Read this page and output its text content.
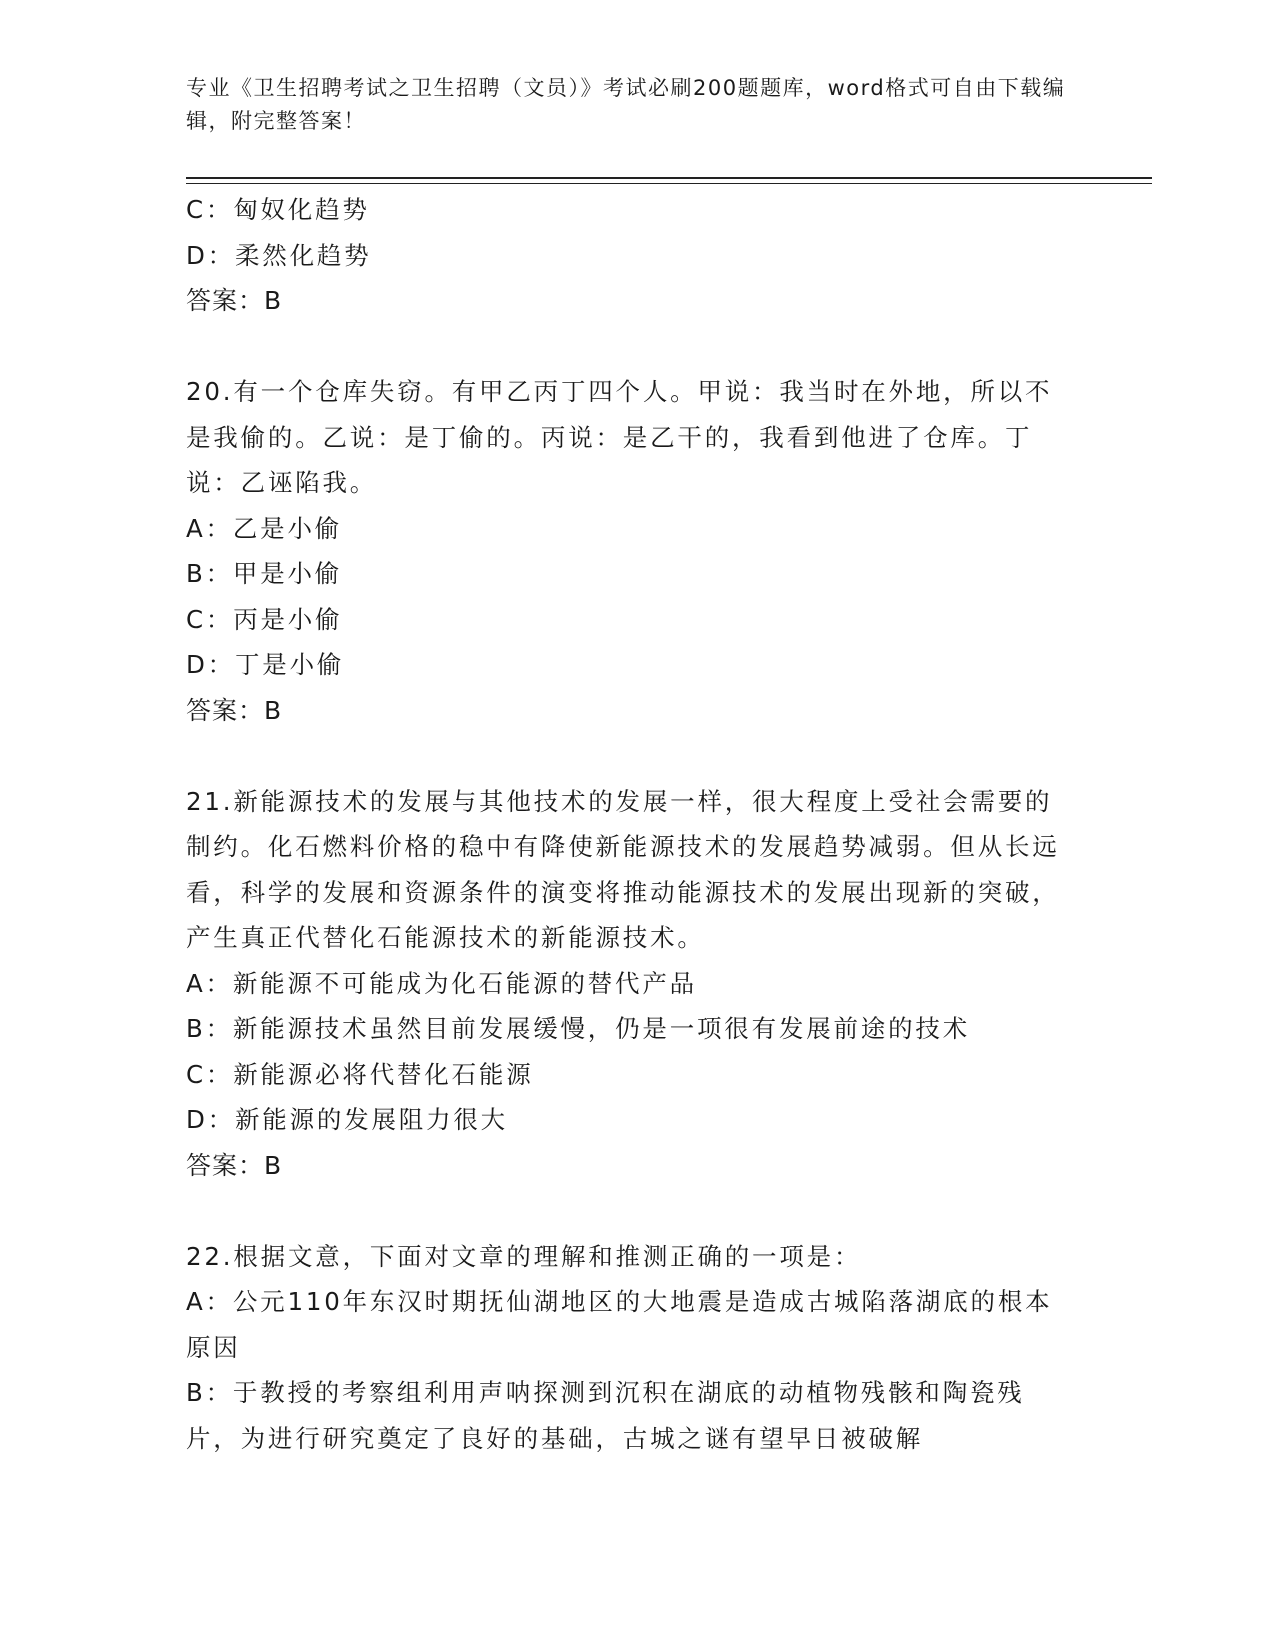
专业《卫生招聘考试之卫生招聘（文员）》考试必刷200题题库，word格式可自由下载编辑，附完整答案！
C：匈奴化趋势
D：柔然化趋势
答案：B
20.有一个仓库失窃。有甲乙丙丁四个人。甲说：我当时在外地，所以不是我偷的。乙说：是丁偷的。丙说：是乙干的，我看到他进了仓库。丁说：乙诬陷我。
A：乙是小偷
B：甲是小偷
C：丙是小偷
D：丁是小偷
答案：B
21.新能源技术的发展与其他技术的发展一样，很大程度上受社会需要的制约。化石燃料价格的稳中有降使新能源技术的发展趋势减弱。但从长远看，科学的发展和资源条件的演变将推动能源技术的发展出现新的突破，产生真正代替化石能源技术的新能源技术。
A：新能源不可能成为化石能源的替代产品
B：新能源技术虽然目前发展缓慢，仍是一项很有发展前途的技术
C：新能源必将代替化石能源
D：新能源的发展阻力很大
答案：B
22.根据文意，下面对文章的理解和推测正确的一项是：
A：公元110年东汉时期抚仙湖地区的大地震是造成古城陷落湖底的根本原因
B：于教授的考察组利用声呐探测到沉积在湖底的动植物残骸和陶瓷残片，为进行研究奠定了良好的基础，古城之谜有望早日被破解
